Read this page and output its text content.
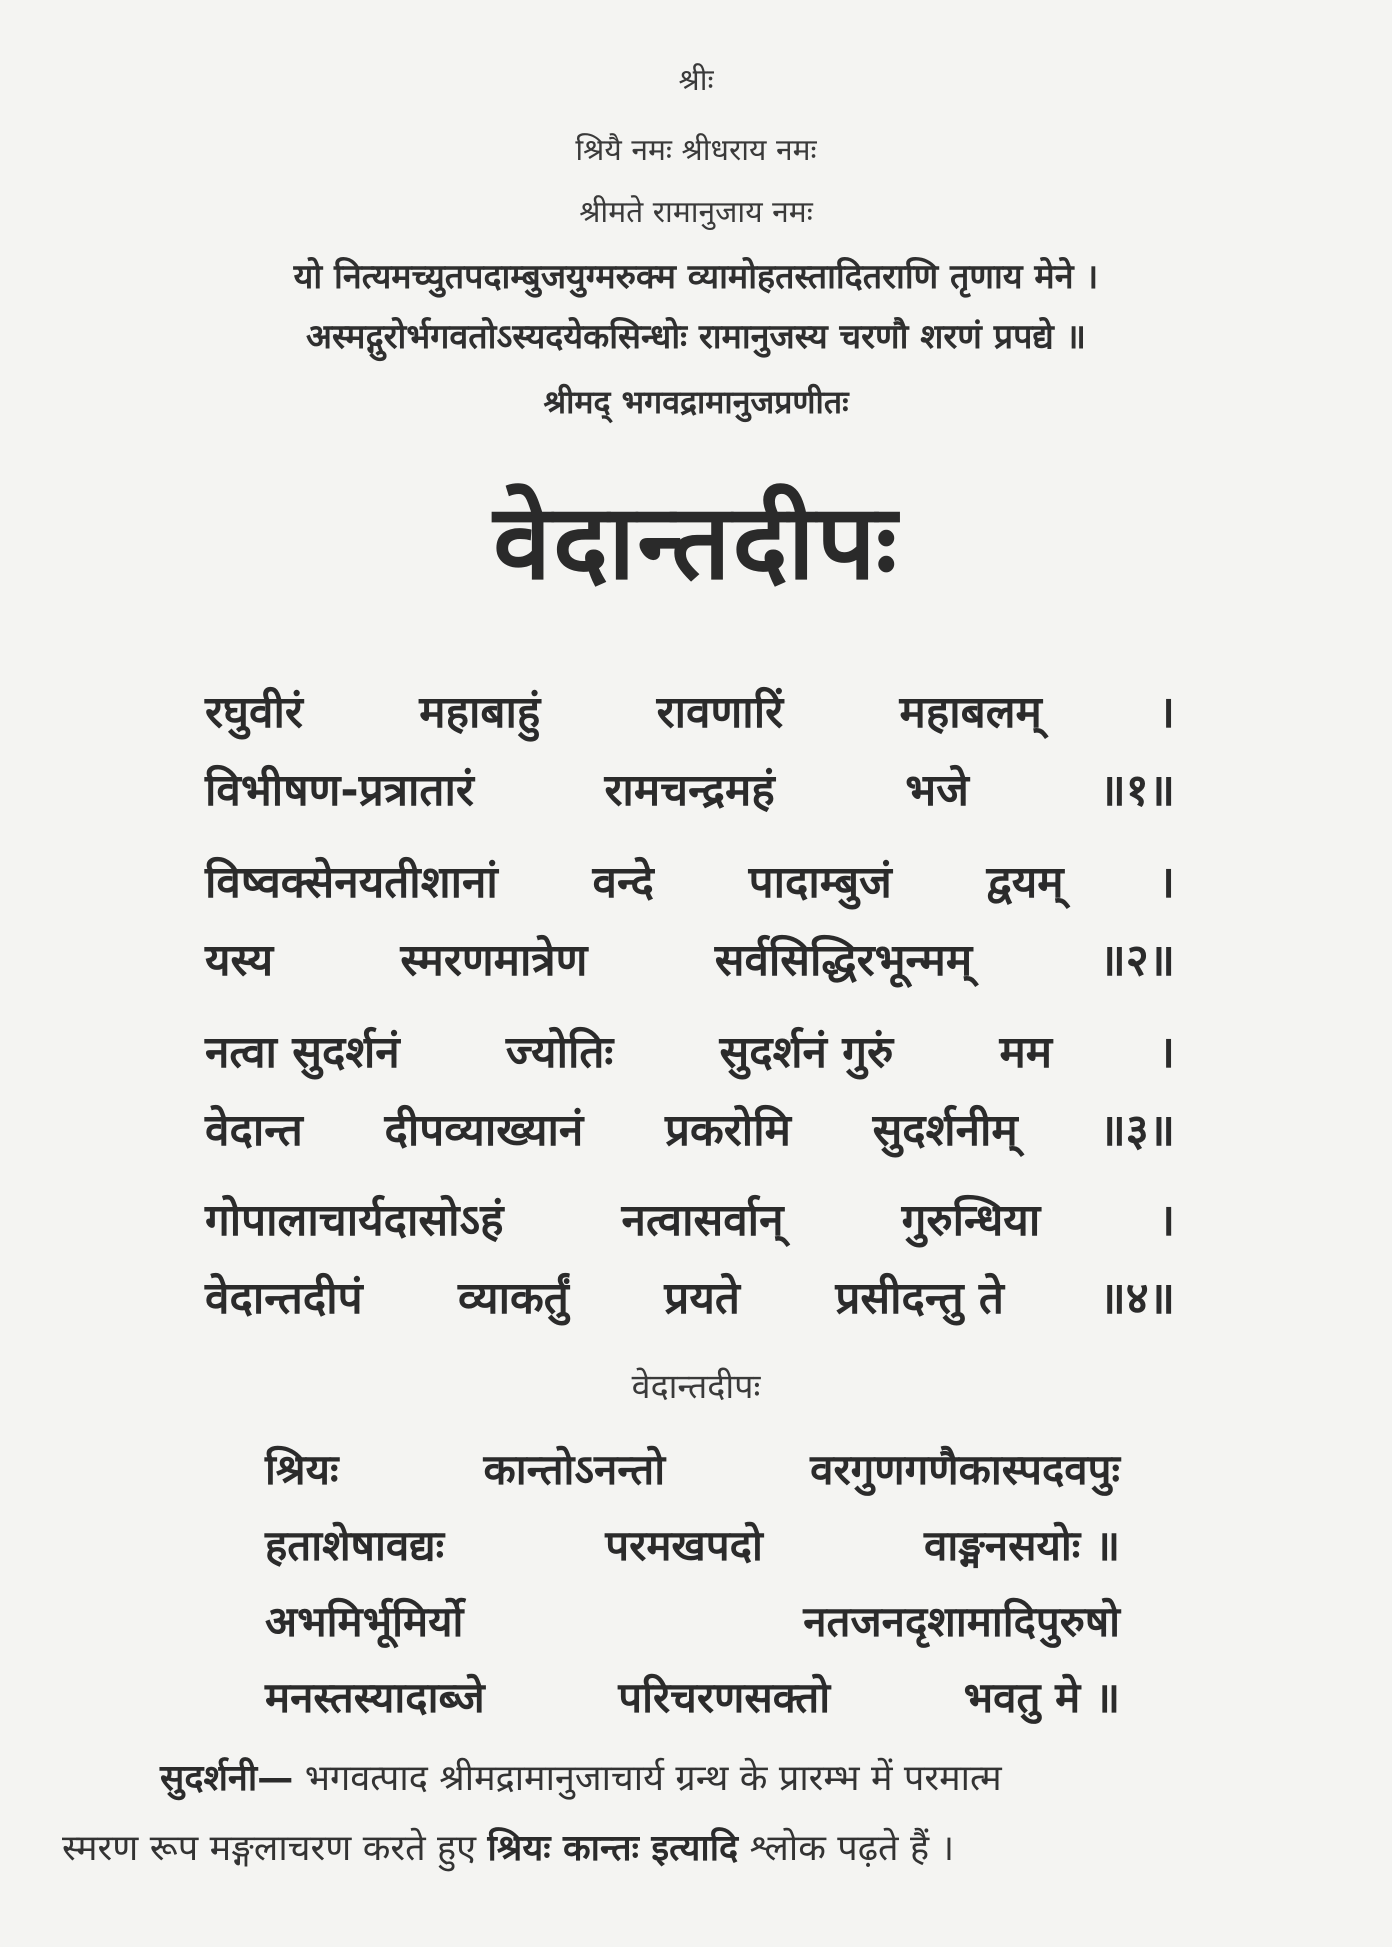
श्रीः
श्रियै नमः श्रीधराय नमः
श्रीमते रामानुजाय नमः
यो नित्यमच्युतपदाम्बुजयुग्मरुक्म व्यामोहतस्तादितराणि तृणाय मेने ।
अस्मद्गुरोर्भगवतोऽस्यदयेकसिन्धोः रामानुजस्य चरणौ शरणं प्रपद्ये ॥
श्रीमद् भगवद्रामानुजप्रणीतः
वेदान्तदीपः
रघुवीरं	महाबाहुं	रावणारिं	महाबलम्	।
विभीषण-प्रत्रातारं	रामचन्द्रमहं	भजे	॥१॥
विष्वक्सेनयतीशानां वन्दे पादाम्बुजं द्वयम् ।
यस्य	स्मरणमात्रेण	सर्वसिद्धिरभून्मम्	॥२॥
नत्वा सुदर्शनं ज्योतिः सुदर्शनं गुरुं मम ।
वेदान्त दीपव्याख्यानं प्रकरोमि सुदर्शनीम् ॥३॥
गोपालाचार्यदासोऽहं	नत्वासर्वान्	गुरुन्धिया	।
वेदान्तदीपं व्याकर्तुं प्रयते प्रसीदन्तु ते ॥४॥
वेदान्तदीपः
श्रियः	कान्तोऽनन्तो	वरगुणगणैकास्पदवपुः
हताशेषावद्यः	परमखपदो	वाङ्मनसयोः ॥
अभमिर्भूमिर्यो	नतजनदृशामादिपुरुषो
मनस्तस्यादाब्जे	परिचरणसक्तो	भवतु मे ॥
सुदर्शनी— भगवत्पाद श्रीमद्रामानुजाचार्य ग्रन्थ के प्रारम्भ में परमात्म
स्मरण रूप मङ्गलाचरण करते हुए श्रियः कान्तः इत्यादि श्लोक पढ़ते हैं ।
